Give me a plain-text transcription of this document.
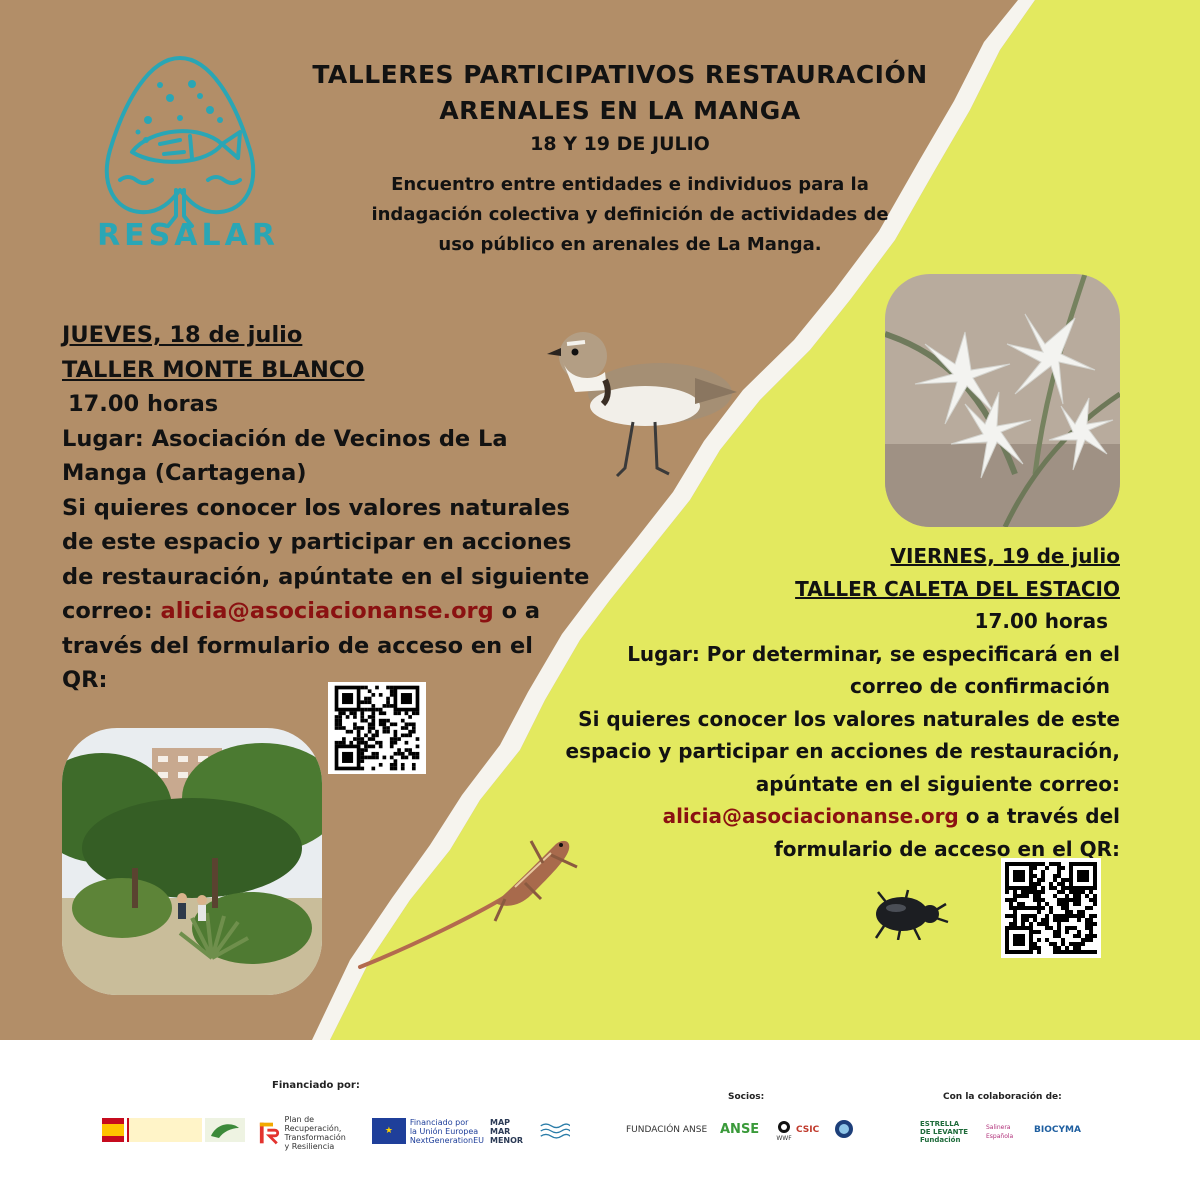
RESALAR
TALLERES PARTICIPATIVOS RESTAURACIÓN
ARENALES EN LA MANGA
18 Y 19 DE JULIO
Encuentro entre entidades e individuos para la
indagación colectiva y definición de actividades de
uso público en arenales de La Manga.
JUEVES, 18 de julio
TALLER MONTE BLANCO
17.00 horas
Lugar: Asociación de Vecinos de La
Manga (Cartagena)
Si quieres conocer los valores naturales
de este espacio y participar en acciones
de restauración, apúntate en el siguiente
correo: alicia@asociacionanse.org o a
través del formulario de acceso en el
QR:
VIERNES, 19 de julio
TALLER CALETA DEL ESTACIO
17.00 horas
Lugar: Por determinar, se especificará en el
correo de confirmación
Si quieres conocer los valores naturales de este
espacio y participar en acciones de restauración,
apúntate en el siguiente correo:
alicia@asociacionanse.org o a través del
formulario de acceso en el QR:
Financiado por:
Socios:	Con la colaboración de:
Plan de Recuperación,
Transformación
y Resiliencia
★
Financiado por
la Unión Europea
NextGenerationEU
MAP
MAR MENOR
FUNDACIÓN ANSE ANSE
WWF
CSIC
ESTRELLA
DE LEVANTE
Fundación
Salinera Española
BIOCYMA
